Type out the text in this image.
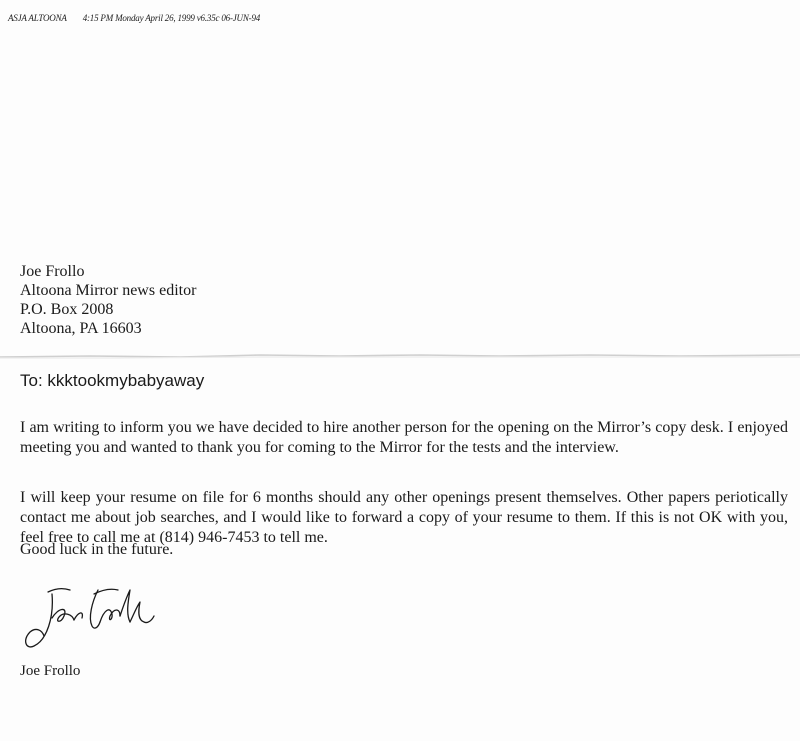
ASJA ALTOONA 4:15 PM Monday April 26, 1999 v6.35c 06-JUN-94
Joe Frollo
Altoona Mirror news editor
P.O. Box 2008
Altoona, PA 16603
To: kkktookmybabyaway
I am writing to inform you we have decided to hire another person for the opening on the Mirror’s copy desk. I enjoyed meeting you and wanted to thank you for coming to the Mirror for the tests and the interview.
I will keep your resume on file for 6 months should any other openings present themselves. Other papers periotically contact me about job searches, and I would like to forward a copy of your resume to them. If this is not OK with you, feel free to call me at (814) 946-7453 to tell me.
Good luck in the future.
Joe Frollo
